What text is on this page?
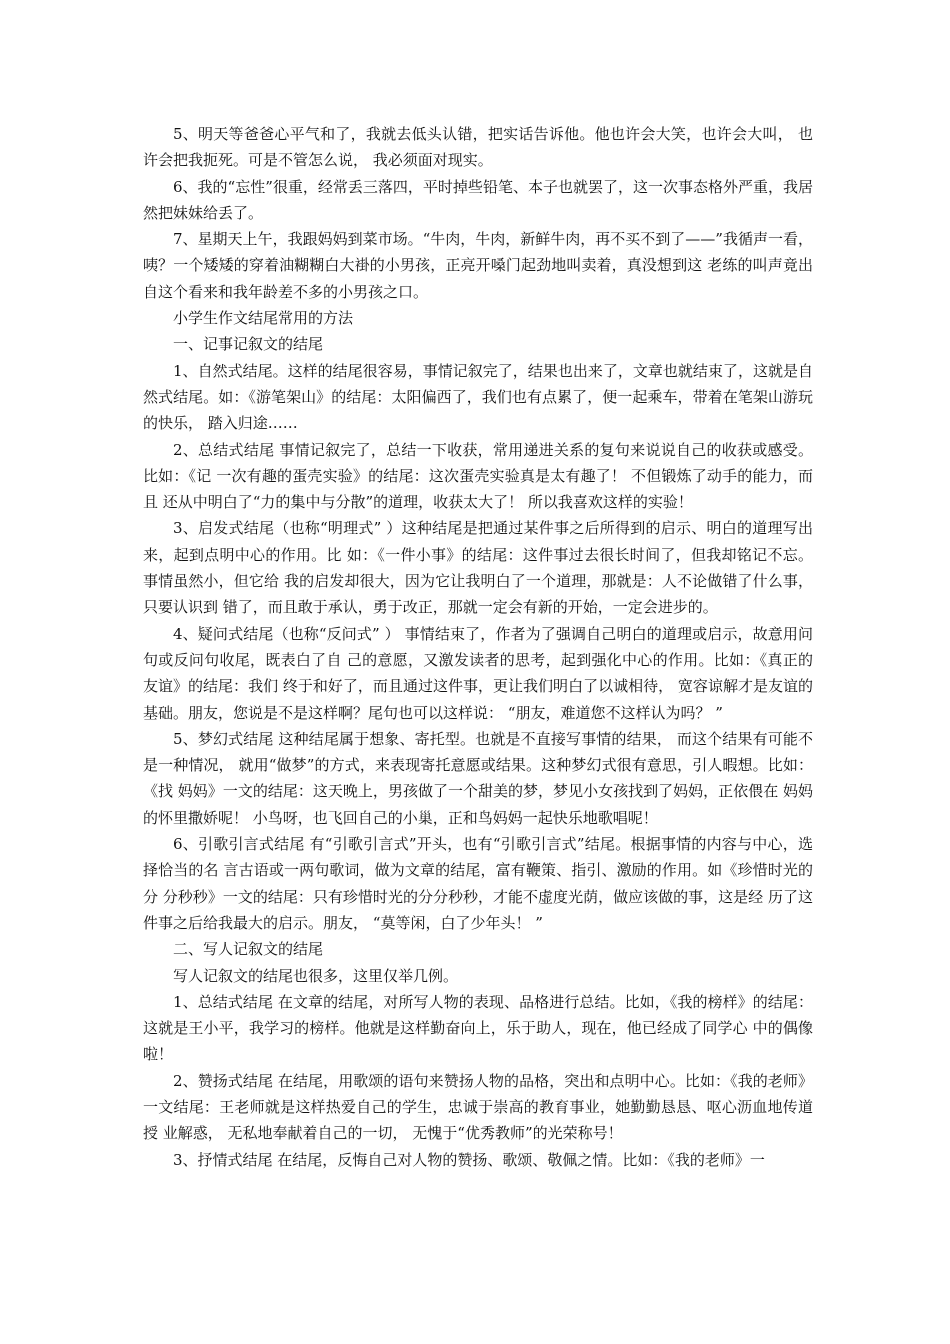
5、明天等爸爸心平气和了，我就去低头认错，把实话告诉他。他也许会大笑，也许会大叫， 也许会把我扼死。可是不管怎么说， 我必须面对现实。

6、我的“忘性”很重，经常丢三落四，平时掉些铅笔、本子也就罢了，这一次事态格外严重，我居然把妹妹给丢了。

7、星期天上午，我跟妈妈到菜市场。“牛肉，牛肉，新鲜牛肉，再不买不到了——”我循声一看，咦？一个矮矮的穿着油糊糊白大褂的小男孩，正亮开嗓门起劲地叫卖着，真没想到这 老练的叫声竟出自这个看来和我年龄差不多的小男孩之口。

小学生作文结尾常用的方法

一、记事记叙文的结尾

1、自然式结尾。这样的结尾很容易，事情记叙完了，结果也出来了，文章也就结束了，这就是自然式结尾。如：《游笔架山》的结尾：太阳偏西了，我们也有点累了，便一起乘车，带着在笔架山游玩 的快乐， 踏入归途……

2、总结式结尾 事情记叙完了，总结一下收获，常用递进关系的复句来说说自己的收获或感受。比如：《记 一次有趣的蛋壳实验》的结尾：这次蛋壳实验真是太有趣了！ 不但锻炼了动手的能力，而且 还从中明白了“力的集中与分散”的道理，收获太大了！ 所以我喜欢这样的实验！

3、启发式结尾（也称“明理式” ）这种结尾是把通过某件事之后所得到的启示、明白的道理写出来，起到点明中心的作用。比 如：《一件小事》的结尾：这件事过去很长时间了，但我却铭记不忘。事情虽然小，但它给 我的启发却很大，因为它让我明白了一个道理，那就是：人不论做错了什么事，只要认识到 错了，而且敢于承认，勇于改正，那就一定会有新的开始，一定会进步的。

4、疑问式结尾（也称“反问式” ） 事情结束了，作者为了强调自己明白的道理或启示，故意用问句或反问句收尾，既表白了自 己的意愿，又激发读者的思考，起到强化中心的作用。比如：《真正的友谊》的结尾：我们 终于和好了，而且通过这件事，更让我们明白了以诚相待， 宽容谅解才是友谊的基础。朋友，您说是不是这样啊？尾句也可以这样说： “朋友，难道您不这样认为吗？ ”

5、梦幻式结尾 这种结尾属于想象、寄托型。也就是不直接写事情的结果， 而这个结果有可能不是一种情况， 就用“做梦”的方式，来表现寄托意愿或结果。这种梦幻式很有意思，引人暇想。比如：《找 妈妈》一文的结尾：这天晚上，男孩做了一个甜美的梦，梦见小女孩找到了妈妈，正依偎在 妈妈的怀里撒娇呢！ 小鸟呀，也飞回自己的小巢，正和鸟妈妈一起快乐地歌唱呢！

6、引歌引言式结尾 有“引歌引言式”开头，也有“引歌引言式”结尾。根据事情的内容与中心，选择恰当的名 言古语或一两句歌词，做为文章的结尾，富有鞭策、指引、激励的作用。如《珍惜时光的分 分秒秒》一文的结尾：只有珍惜时光的分分秒秒，才能不虚度光荫，做应该做的事，这是经 历了这件事之后给我最大的启示。朋友， “莫等闲，白了少年头！ ”

二、写人记叙文的结尾

写人记叙文的结尾也很多，这里仅举几例。

1、总结式结尾 在文章的结尾，对所写人物的表现、品格进行总结。比如，《我的榜样》的结尾：这就是王小平，我学习的榜样。他就是这样勤奋向上，乐于助人，现在，他已经成了同学心 中的偶像啦！

2、赞扬式结尾 在结尾，用歌颂的语句来赞扬人物的品格，突出和点明中心。比如：《我的老师》一文结尾：王老师就是这样热爱自己的学生，忠诚于崇高的教育事业，她勤勤恳恳、呕心沥血地传道授 业解惑， 无私地奉献着自己的一切， 无愧于“优秀教师”的光荣称号！

3、抒情式结尾 在结尾，反悔自己对人物的赞扬、歌颂、敬佩之情。比如：《我的老师》一
